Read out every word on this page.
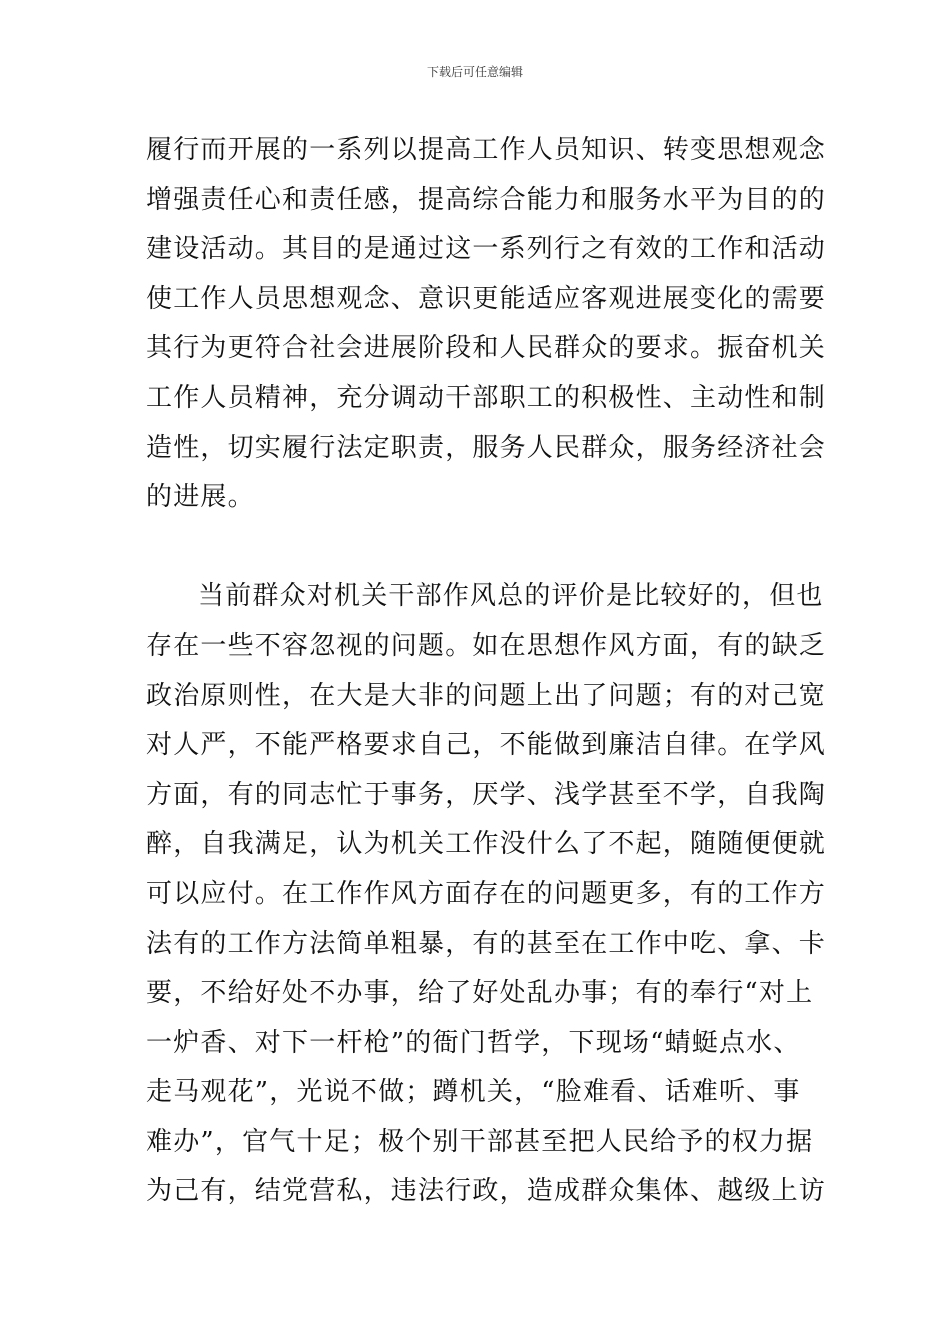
下载后可任意编辑

履行而开展的一系列以提高工作人员知识、转变思想观念
增强责任心和责任感，提高综合能力和服务水平为目的的
建设活动。其目的是通过这一系列行之有效的工作和活动
使工作人员思想观念、意识更能适应客观进展变化的需要
其行为更符合社会进展阶段和人民群众的要求。振奋机关
工作人员精神，充分调动干部职工的积极性、主动性和制
造性，切实履行法定职责，服务人民群众，服务经济社会
的进展。

当前群众对机关干部作风总的评价是比较好的，但也
存在一些不容忽视的问题。如在思想作风方面，有的缺乏
政治原则性，在大是大非的问题上出了问题；有的对己宽
对人严，不能严格要求自己，不能做到廉洁自律。在学风
方面，有的同志忙于事务，厌学、浅学甚至不学，自我陶
醉，自我满足，认为机关工作没什么了不起，随随便便就
可以应付。在工作作风方面存在的问题更多，有的工作方
法有的工作方法简单粗暴，有的甚至在工作中吃、拿、卡
要，不给好处不办事，给了好处乱办事；有的奉行“对上
一炉香、对下一杆枪”的衙门哲学，下现场“蜻蜓点水、
走马观花”，光说不做；蹲机关，“脸难看、话难听、事
难办”，官气十足；极个别干部甚至把人民给予的权力据
为己有，结党营私，违法行政，造成群众集体、越级上访
